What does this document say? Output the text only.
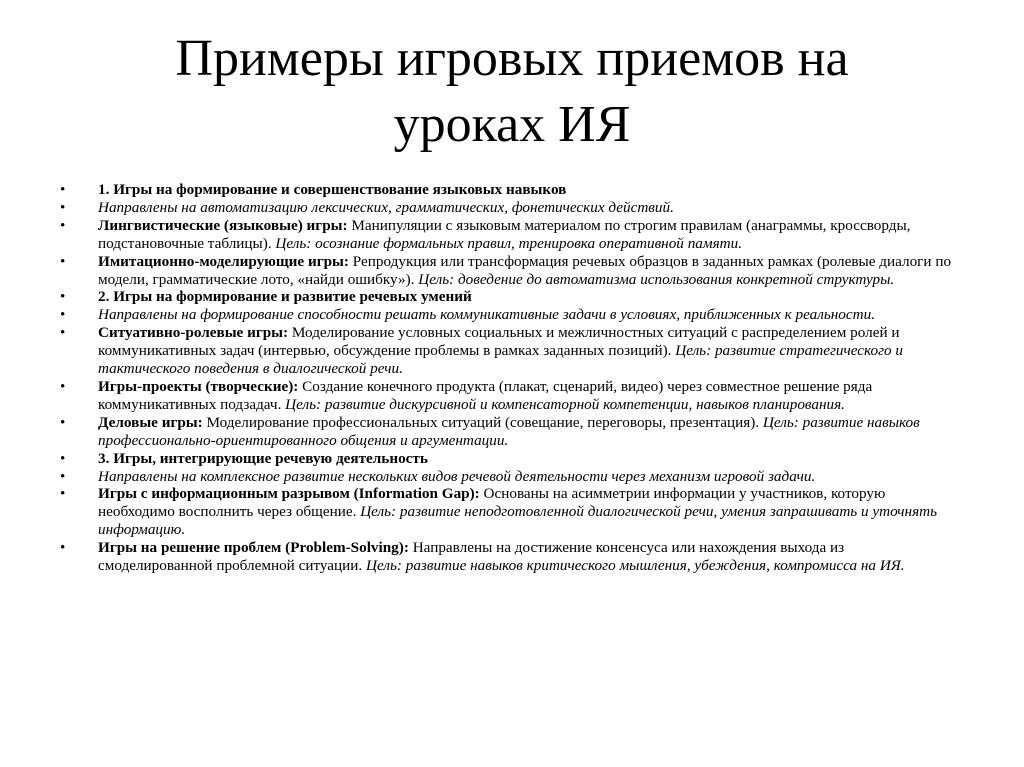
Примеры игровых приемов на
уроках ИЯ
•	1. Игры на формирование и совершенствование языковых навыков
•	Направлены на автоматизацию лексических, грамматических, фонетических действий.
•	Лингвистические (языковые) игры: Манипуляции с языковым материалом по строгим правилам (анаграммы, кроссворды, подстановочные таблицы). Цель: осознание формальных правил, тренировка оперативной памяти.
•	Имитационно-моделирующие игры: Репродукция или трансформация речевых образцов в заданных рамках (ролевые диалоги по модели, грамматические лото, «найди ошибку»). Цель: доведение до автоматизма использования конкретной структуры.
•	2. Игры на формирование и развитие речевых умений
•	Направлены на формирование способности решать коммуникативные задачи в условиях, приближенных к реальности.
•	Ситуативно-ролевые игры: Моделирование условных социальных и межличностных ситуаций с распределением ролей и коммуникативных задач (интервью, обсуждение проблемы в рамках заданных позиций). Цель: развитие стратегического и тактического поведения в диалогической речи.
•	Игры-проекты (творческие): Создание конечного продукта (плакат, сценарий, видео) через совместное решение ряда коммуникативных подзадач. Цель: развитие дискурсивной и компенсаторной компетенции, навыков планирования.
•	Деловые игры: Моделирование профессиональных ситуаций (совещание, переговоры, презентация). Цель: развитие навыков профессионально-ориентированного общения и аргументации.
•	3. Игры, интегрирующие речевую деятельность
•	Направлены на комплексное развитие нескольких видов речевой деятельности через механизм игровой задачи.
•	Игры с информационным разрывом (Information Gap): Основаны на асимметрии информации у участников, которую необходимо восполнить через общение. Цель: развитие неподготовленной диалогической речи, умения запрашивать и уточнять информацию.
•	Игры на решение проблем (Problem-Solving): Направлены на достижение консенсуса или нахождения выхода из смоделированной проблемной ситуации. Цель: развитие навыков критического мышления, убеждения, компромисса на ИЯ.
